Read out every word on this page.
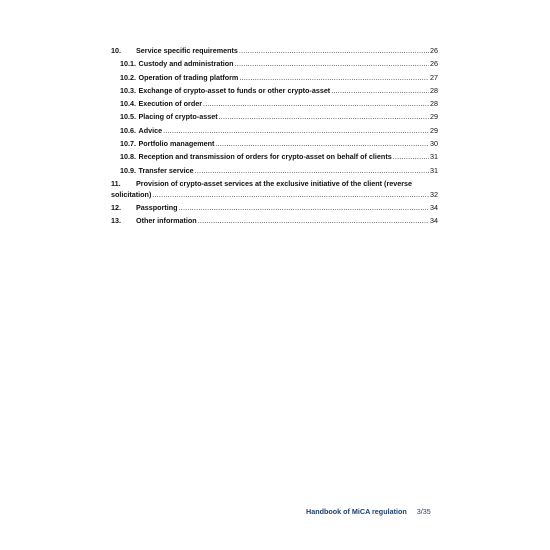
10.	Service specific requirements .....	26
10.1. Custody and administration .....	26
10.2. Operation of trading platform .....	27
10.3. Exchange of crypto-asset to funds or other crypto-asset .....	28
10.4. Execution of order .....	28
10.5. Placing of crypto-asset .....	29
10.6. Advice .....	29
10.7. Portfolio management .....	30
10.8. Reception and transmission of orders for crypto-asset on behalf of clients .....	31
10.9. Transfer service .....	31
11.	Provision of crypto-asset services at the exclusive initiative of the client (reverse
solicitation) .....	32
12.	Passporting .....	34
13.	Other information .....	34
Handbook of MiCA regulation 3/35
